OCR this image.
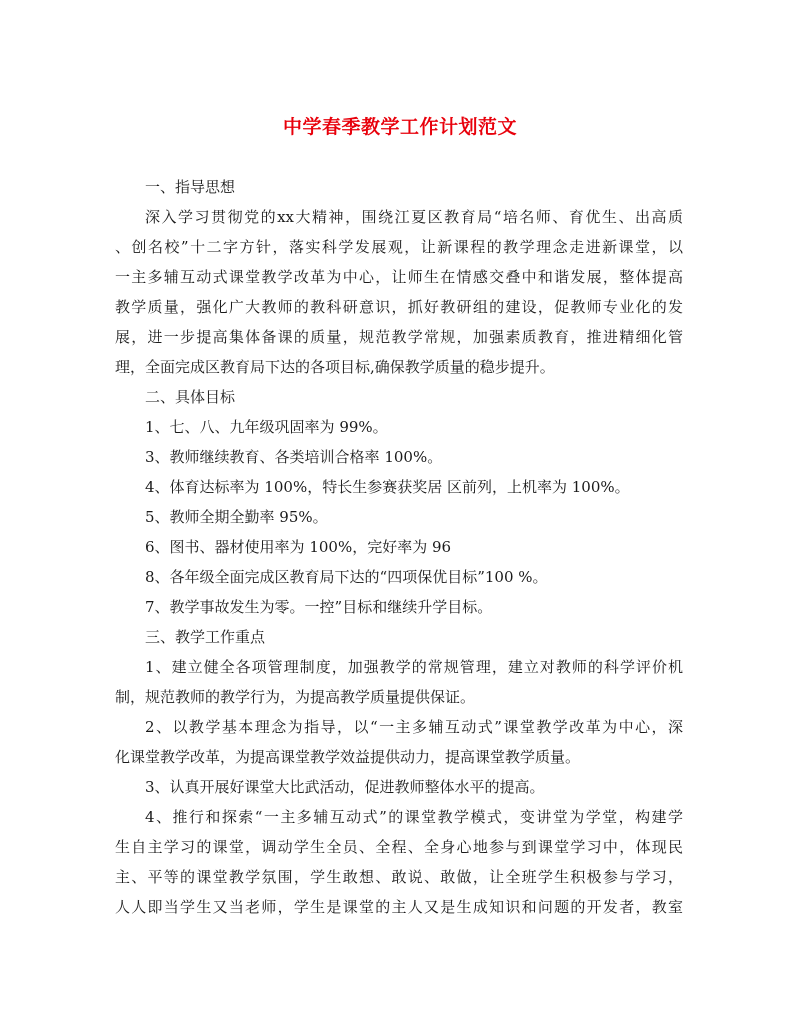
中学春季教学工作计划范文
一、指导思想
深入学习贯彻党的xx大精神，围绕江夏区教育局“培名师、育优生、出高质
、创名校”十二字方针，落实科学发展观，让新课程的教学理念走进新课堂，以
一主多辅互动式课堂教学改革为中心，让师生在情感交叠中和谐发展，整体提高
教学质量，强化广大教师的教科研意识，抓好教研组的建设，促教师专业化的发
展，进一步提高集体备课的质量，规范教学常规，加强素质教育，推进精细化管
理，全面完成区教育局下达的各项目标,确保教学质量的稳步提升。
二、具体目标
1、七、八、九年级巩固率为 99%。
3、教师继续教育、各类培训合格率 100%。
4、体育达标率为 100%，特长生参赛获奖居 区前列，上机率为 100%。
5、教师全期全勤率 95%。
6、图书、器材使用率为 100%，完好率为 96
8、各年级全面完成区教育局下达的“四项保优目标”100 %。
7、教学事故发生为零。一控”目标和继续升学目标。
三、教学工作重点
1、建立健全各项管理制度，加强教学的常规管理，建立对教师的科学评价机
制，规范教师的教学行为，为提高教学质量提供保证。
2、以教学基本理念为指导，以“一主多辅互动式”课堂教学改革为中心，深
化课堂教学改革，为提高课堂教学效益提供动力，提高课堂教学质量。
3、认真开展好课堂大比武活动，促进教师整体水平的提高。
4、推行和探索“一主多辅互动式”的课堂教学模式，变讲堂为学堂，构建学
生自主学习的课堂，调动学生全员、全程、全身心地参与到课堂学习中，体现民
主、平等的课堂教学氛围，学生敢想、敢说、敢做，让全班学生积极参与学习，
人人即当学生又当老师，学生是课堂的主人又是生成知识和问题的开发者，教室
